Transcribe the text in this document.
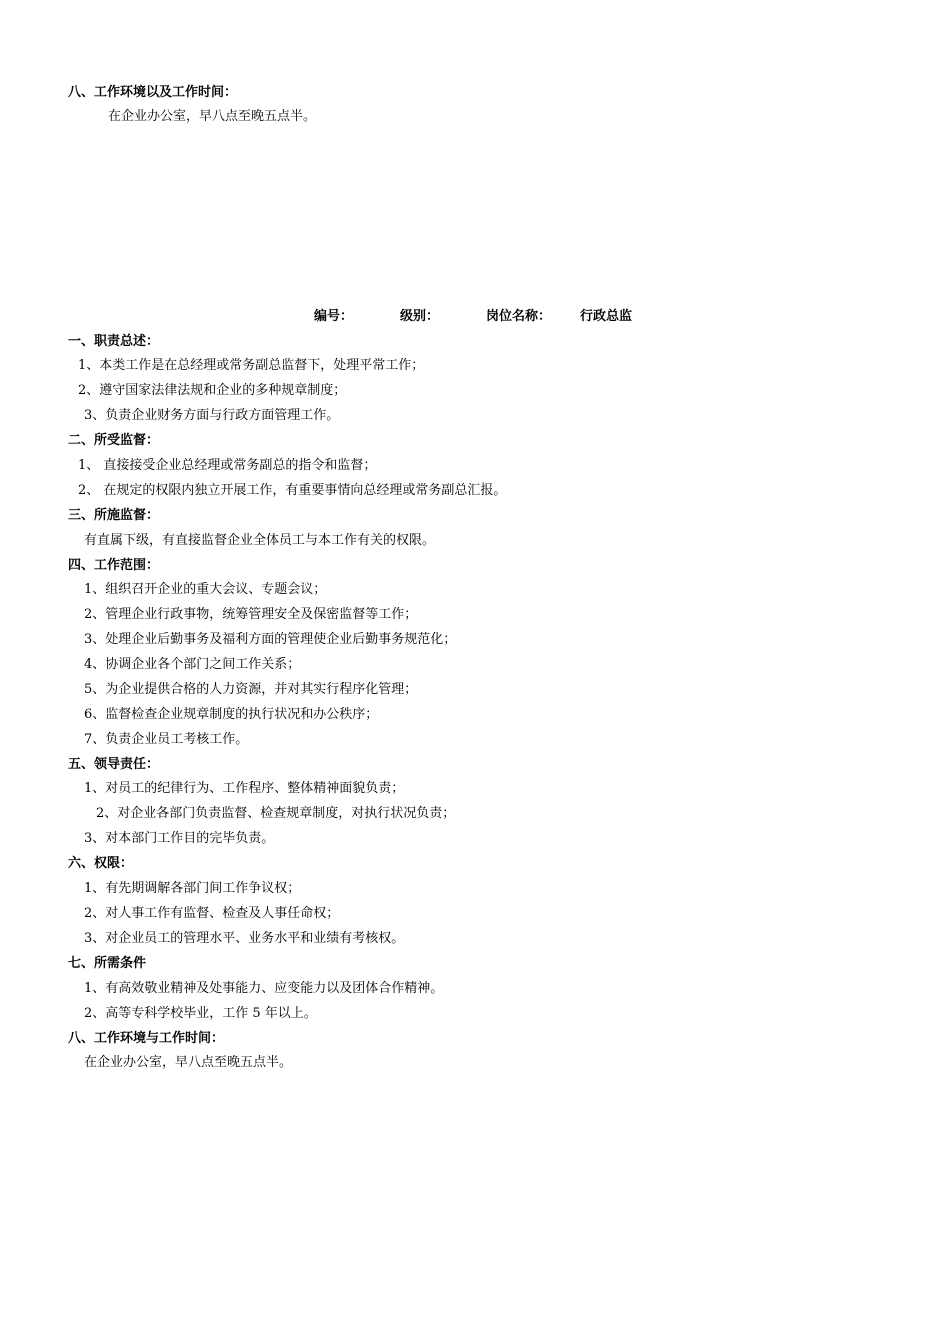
八、工作环境以及工作时间：
在企业办公室，早八点至晚五点半。
编号：	级别：	岗位名称： 行政总监
一、职责总述：
1、本类工作是在总经理或常务副总监督下，处理平常工作；
2、遵守国家法律法规和企业的多种规章制度；
3、负责企业财务方面与行政方面管理工作。
二、所受监督：
1、 直接接受企业总经理或常务副总的指令和监督；
2、 在规定的权限内独立开展工作，有重要事情向总经理或常务副总汇报。
三、所施监督：
有直属下级，有直接监督企业全体员工与本工作有关的权限。
四、工作范围：
1、组织召开企业的重大会议、专题会议；
2、管理企业行政事物，统筹管理安全及保密监督等工作；
3、处理企业后勤事务及福利方面的管理使企业后勤事务规范化；
4、协调企业各个部门之间工作关系；
5、为企业提供合格的人力资源，并对其实行程序化管理；
6、监督检查企业规章制度的执行状况和办公秩序；
7、负责企业员工考核工作。
五、领导责任：
1、对员工的纪律行为、工作程序、整体精神面貌负责；
2、对企业各部门负责监督、检查规章制度，对执行状况负责；
3、对本部门工作目的完毕负责。
六、权限：
1、有先期调解各部门间工作争议权；
2、对人事工作有监督、检查及人事任命权；
3、对企业员工的管理水平、业务水平和业绩有考核权。
七、所需条件
1、有高效敬业精神及处事能力、应变能力以及团体合作精神。
2、高等专科学校毕业，工作 5 年以上。
八、工作环境与工作时间：
在企业办公室，早八点至晚五点半。
